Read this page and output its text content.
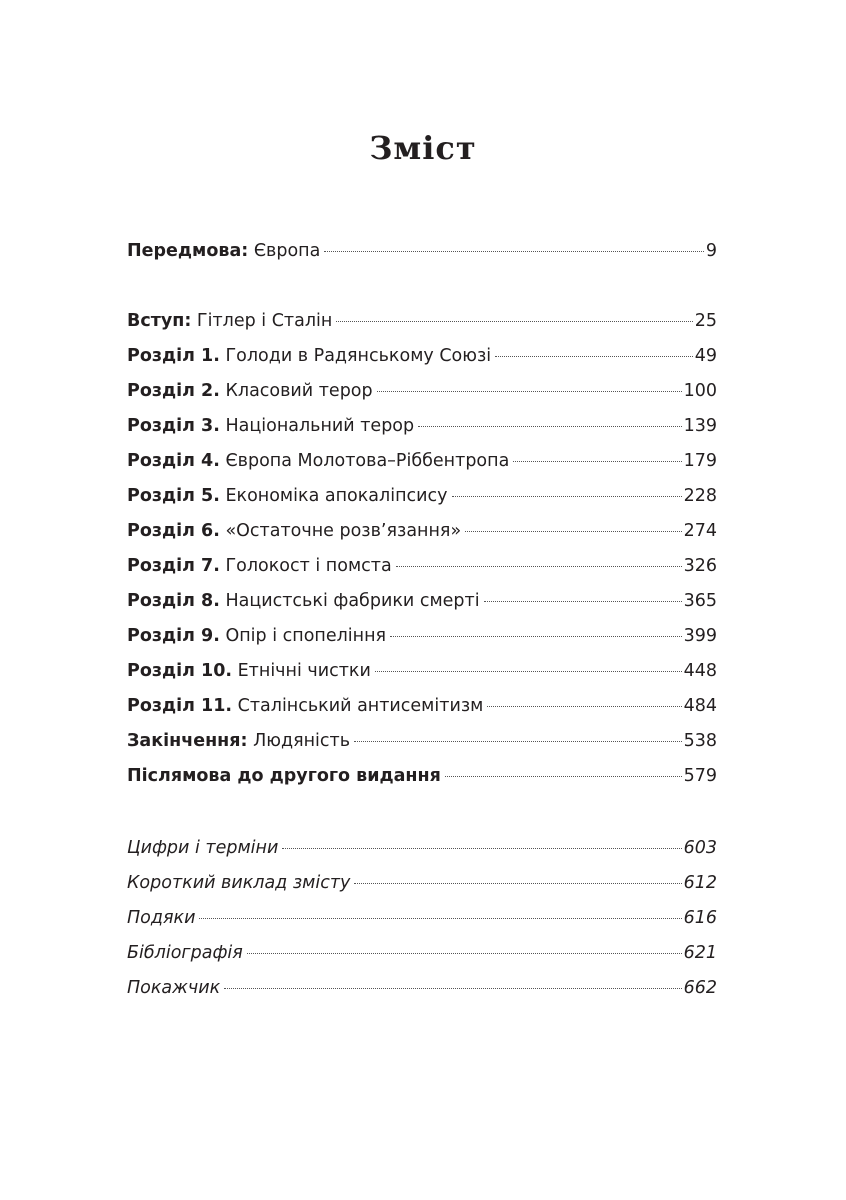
Зміст
Передмова: Європа	9
Вступ: Гітлер і Сталін	25
Розділ 1. Голоди в Радянському Союзі	49
Розділ 2. Класовий терор	100
Розділ 3. Національний терор	139
Розділ 4. Європа Молотова–Ріббентропа	179
Розділ 5. Економіка апокаліпсису	228
Розділ 6. «Остаточне розв’язання»	274
Розділ 7. Голокост і помста	326
Розділ 8. Нацистські фабрики смерті	365
Розділ 9. Опір і спопеління	399
Розділ 10. Етнічні чистки	448
Розділ 11. Сталінський антисемітизм	484
Закінчення: Людяність	538
Післямова до другого видання	579
Цифри і терміни	603
Короткий виклад змісту	612
Подяки	616
Бібліографія	621
Покажчик	662
